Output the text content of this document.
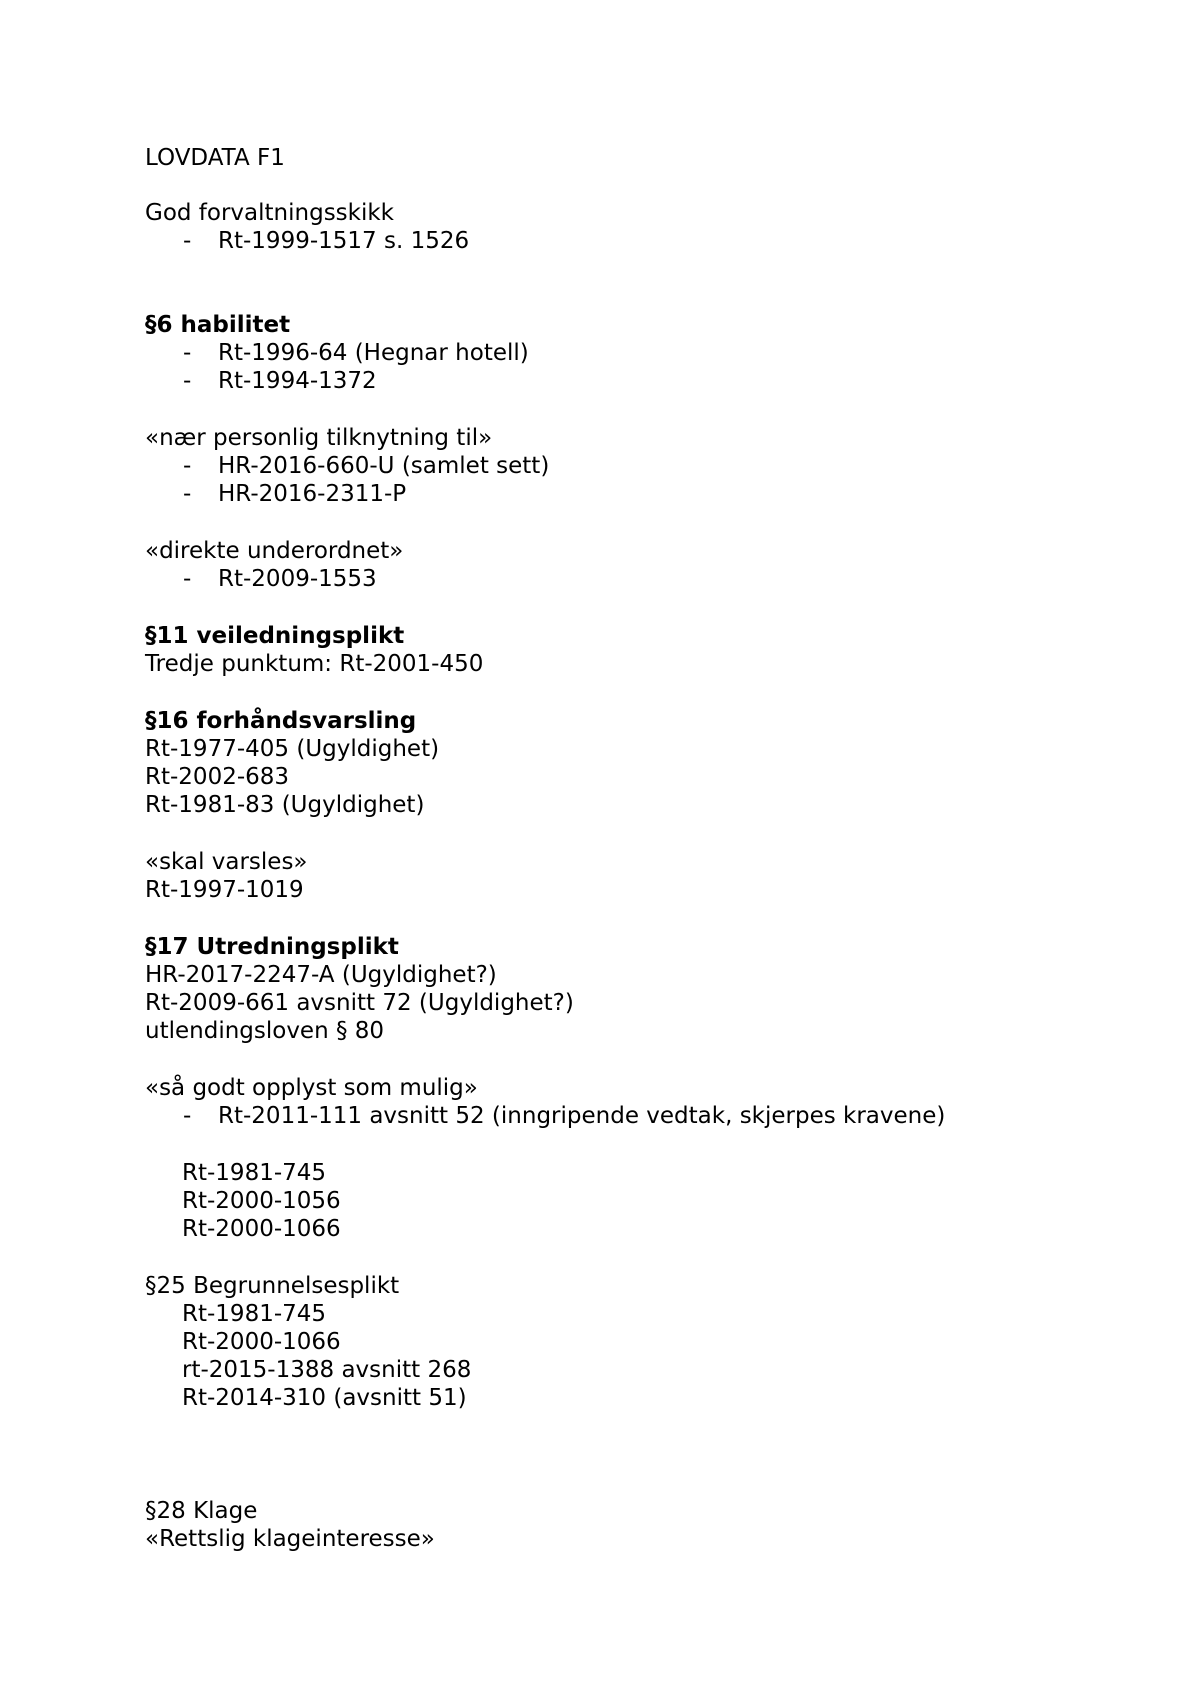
LOVDATA F1
God forvaltningsskikk
- Rt-1999-1517 s. 1526
§6 habilitet
- Rt-1996-64 (Hegnar hotell)
- Rt-1994-1372
«nær personlig tilknytning til»
- HR-2016-660-U (samlet sett)
- HR-2016-2311-P
«direkte underordnet»
- Rt-2009-1553
§11 veiledningsplikt
Tredje punktum: Rt-2001-450
§16 forhåndsvarsling
Rt-1977-405 (Ugyldighet)
Rt-2002-683
Rt-1981-83 (Ugyldighet)
«skal varsles»
Rt-1997-1019
§17 Utredningsplikt
HR-2017-2247-A (Ugyldighet?)
Rt-2009-661 avsnitt 72 (Ugyldighet?)
utlendingsloven § 80
«så godt opplyst som mulig»
- Rt-2011-111 avsnitt 52 (inngripende vedtak, skjerpes kravene)
Rt-1981-745
Rt-2000-1056
Rt-2000-1066
§25 Begrunnelsesplikt
Rt-1981-745
Rt-2000-1066
rt-2015-1388 avsnitt 268
Rt-2014-310 (avsnitt 51)
§28 Klage
«Rettslig klageinteresse»
